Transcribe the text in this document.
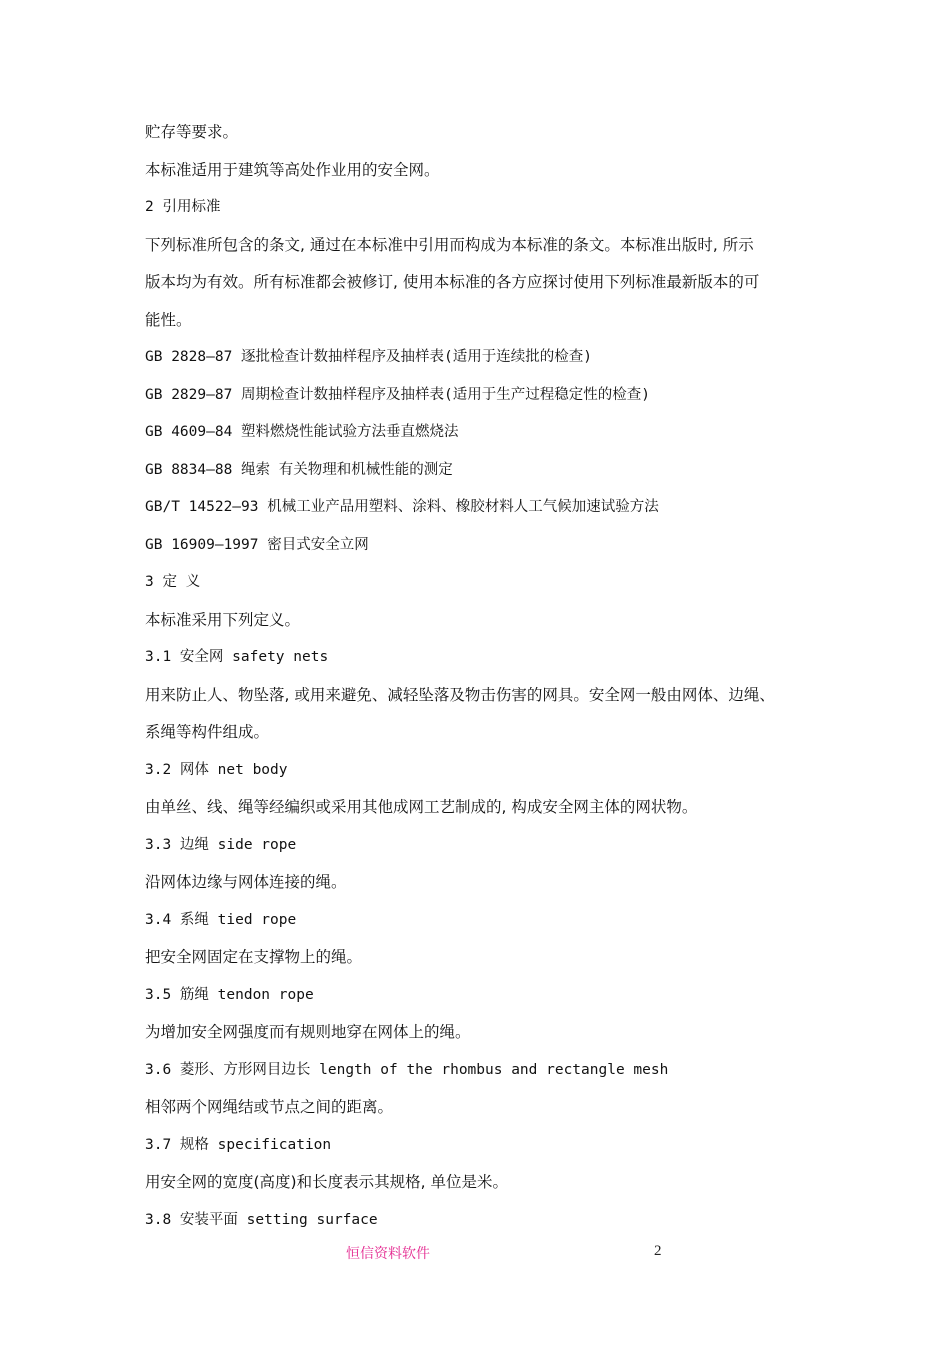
贮存等要求。
本标准适用于建筑等高处作业用的安全网。
2 引用标准
下列标准所包含的条文, 通过在本标准中引用而构成为本标准的条文。本标准出版时, 所示
版本均为有效。所有标准都会被修订, 使用本标准的各方应探讨使用下列标准最新版本的可
能性。
GB 2828—87 逐批检查计数抽样程序及抽样表(适用于连续批的检查)
GB 2829—87 周期检查计数抽样程序及抽样表(适用于生产过程稳定性的检查)
GB 4609—84 塑料燃烧性能试验方法垂直燃烧法
GB 8834—88 绳索 有关物理和机械性能的测定
GB/T 14522—93 机械工业产品用塑料、涂料、橡胶材料人工气候加速试验方法
GB 16909—1997 密目式安全立网
3 定 义
本标准采用下列定义。
3.1 安全网 safety nets
用来防止人、物坠落, 或用来避免、减轻坠落及物击伤害的网具。安全网一般由网体、边绳、
系绳等构件组成。
3.2 网体 net body
由单丝、线、绳等经编织或采用其他成网工艺制成的, 构成安全网主体的网状物。
3.3 边绳 side rope
沿网体边缘与网体连接的绳。
3.4 系绳 tied rope
把安全网固定在支撑物上的绳。
3.5 筋绳 tendon rope
为增加安全网强度而有规则地穿在网体上的绳。
3.6 菱形、方形网目边长 length of the rhombus and rectangle mesh
相邻两个网绳结或节点之间的距离。
3.7 规格 specification
用安全网的宽度(高度)和长度表示其规格, 单位是米。
3.8 安装平面 setting surface
恒信资料软件	2
